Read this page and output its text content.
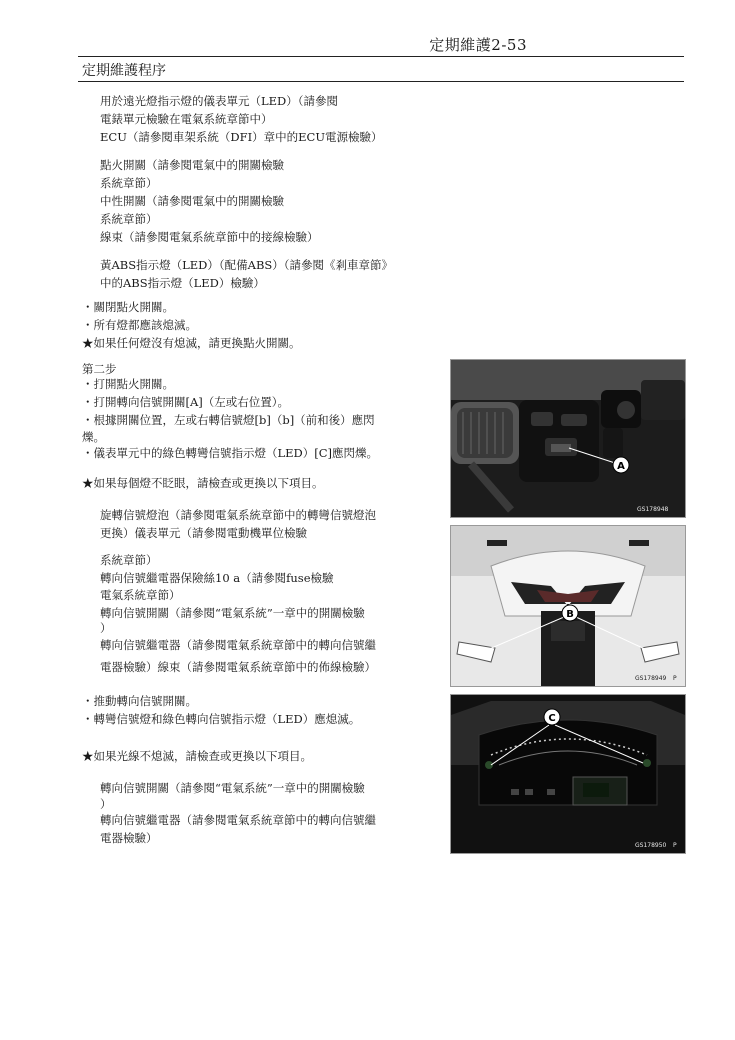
定期維護2-53
定期維護程序
用於遠光燈指示燈的儀表單元（LED）（請參閱
電錶單元檢驗在電氣系統章節中）
ECU（請參閱車架系統（DFI）章中的ECU電源檢驗）
點火開關（請參閱電氣中的開關檢驗
系統章節）
中性開關（請參閱電氣中的開關檢驗
系統章節）
線束（請參閱電氣系統章節中的接線檢驗）
黃ABS指示燈（LED）（配備ABS）（請參閱《剎車章節》
中的ABS指示燈（LED）檢驗）
・關閉點火開關。
・所有燈都應該熄滅。
★如果任何燈沒有熄滅，請更換點火開關。
第二步
・打開點火開關。
・打開轉向信號開關[A]（左或右位置）。
・根據開關位置，左或右轉信號燈[b]（b]（前和後）應閃
爍。
・儀表單元中的綠色轉彎信號指示燈（LED）[C]應閃爍。
★如果每個燈不眨眼，請檢查或更換以下項目。
旋轉信號燈泡（請參閱電氣系統章節中的轉彎信號燈泡
更換）儀表單元（請參閱電動機單位檢驗
系統章節）
轉向信號繼電器保險絲10 a（請參閱fuse檢驗
電氣系統章節）
轉向信號開關（請參閱“電氣系統”一章中的開關檢驗
）
轉向信號繼電器（請參閱電氣系統章節中的轉向信號繼
電器檢驗）線束（請參閱電氣系統章節中的佈線檢驗）
・推動轉向信號開關。
・轉彎信號燈和綠色轉向信號指示燈（LED）應熄滅。
★如果光線不熄滅，請檢查或更換以下項目。
轉向信號開關（請參閱“電氣系統”一章中的開關檢驗
）
轉向信號繼電器（請參閱電氣系統章節中的轉向信號繼
電器檢驗）
A
GS178948
B
GS178949 P
C
GS178950 P
